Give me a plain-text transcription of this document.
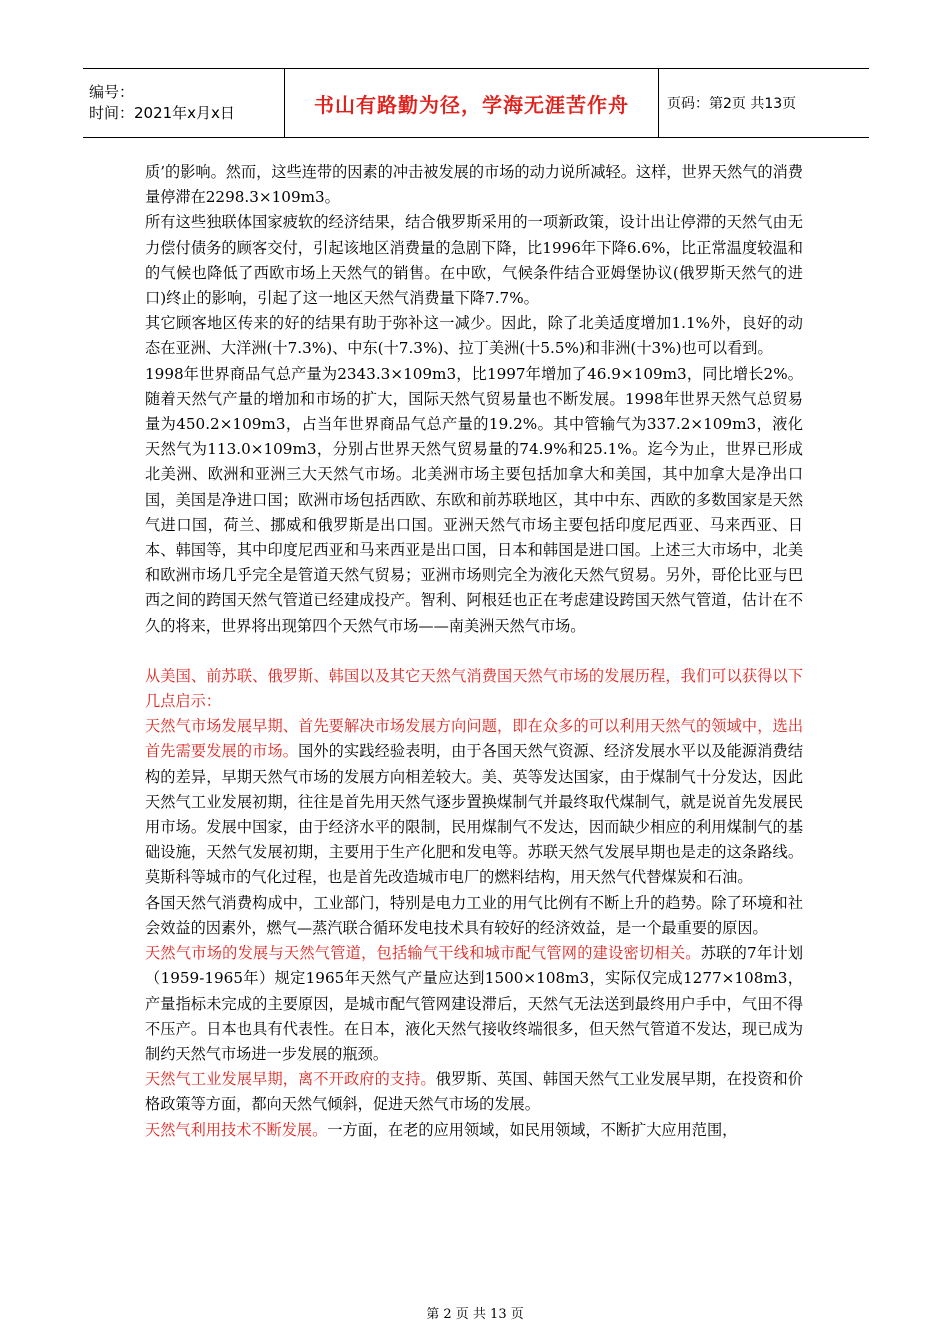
编号：
时间：2021年x月x日	书山有路勤为径，学海无涯苦作舟	页码：第2页 共13页

质’的影响。然而，这些连带的因素的冲击被发展的市场的动力说所减轻。这样，世界天然气的消费量停滞在2298.3×109m3。

所有这些独联体国家疲软的经济结果，结合俄罗斯采用的一项新政策，设计出让停滞的天然气由无力偿付债务的顾客交付，引起该地区消费量的急剧下降，比1996年下降6.6%，比正常温度较温和的气候也降低了西欧市场上天然气的销售。在中欧，气候条件结合亚姆堡协议(俄罗斯天然气的进口)终止的影响，引起了这一地区天然气消费量下降7.7%。

其它顾客地区传来的好的结果有助于弥补这一减少。因此，除了北美适度增加1.1%外，良好的动态在亚洲、大洋洲(十7.3%)、中东(十7.3%)、拉丁美洲(十5.5%)和非洲(十3%)也可以看到。

1998年世界商品气总产量为2343.3×109m3，比1997年增加了46.9×109m3，同比增长2%。随着天然气产量的增加和市场的扩大，国际天然气贸易量也不断发展。1998年世界天然气总贸易量为450.2×109m3，占当年世界商品气总产量的19.2%。其中管输气为337.2×109m3，液化天然气为113.0×109m3，分别占世界天然气贸易量的74.9%和25.1%。迄今为止，世界已形成北美洲、欧洲和亚洲三大天然气市场。北美洲市场主要包括加拿大和美国，其中加拿大是净出口国，美国是净进口国；欧洲市场包括西欧、东欧和前苏联地区，其中中东、西欧的多数国家是天然气进口国，荷兰、挪威和俄罗斯是出口国。亚洲天然气市场主要包括印度尼西亚、马来西亚、日本、韩国等，其中印度尼西亚和马来西亚是出口国，日本和韩国是进口国。上述三大市场中，北美和欧洲市场几乎完全是管道天然气贸易；亚洲市场则完全为液化天然气贸易。另外，哥伦比亚与巴西之间的跨国天然气管道已经建成投产。智利、阿根廷也正在考虑建设跨国天然气管道，估计在不久的将来，世界将出现第四个天然气市场——南美洲天然气市场。

从美国、前苏联、俄罗斯、韩国以及其它天然气消费国天然气市场的发展历程，我们可以获得以下几点启示：

天然气市场发展早期、首先要解决市场发展方向问题，即在众多的可以利用天然气的领域中，选出首先需要发展的市场。国外的实践经验表明，由于各国天然气资源、经济发展水平以及能源消费结构的差异，早期天然气市场的发展方向相差较大。美、英等发达国家，由于煤制气十分发达，因此天然气工业发展初期，往往是首先用天然气逐步置换煤制气并最终取代煤制气，就是说首先发展民用市场。发展中国家，由于经济水平的限制，民用煤制气不发达，因而缺少相应的利用煤制气的基础设施，天然气发展初期，主要用于生产化肥和发电等。苏联天然气发展早期也是走的这条路线。莫斯科等城市的气化过程，也是首先改造城市电厂的燃料结构，用天然气代替煤炭和石油。

各国天然气消费构成中，工业部门，特别是电力工业的用气比例有不断上升的趋势。除了环境和社会效益的因素外，燃气—蒸汽联合循环发电技术具有较好的经济效益，是一个最重要的原因。

天然气市场的发展与天然气管道，包括输气干线和城市配气管网的建设密切相关。苏联的7年计划（1959-1965年）规定1965年天然气产量应达到1500×108m3，实际仅完成1277×108m3，产量指标未完成的主要原因，是城市配气管网建设滞后，天然气无法送到最终用户手中，气田不得不压产。日本也具有代表性。在日本，液化天然气接收终端很多，但天然气管道不发达，现已成为制约天然气市场进一步发展的瓶颈。

天然气工业发展早期，离不开政府的支持。俄罗斯、英国、韩国天然气工业发展早期，在投资和价格政策等方面，都向天然气倾斜，促进天然气市场的发展。

天然气利用技术不断发展。一方面，在老的应用领域，如民用领域，不断扩大应用范围，

第 2 页 共 13 页
